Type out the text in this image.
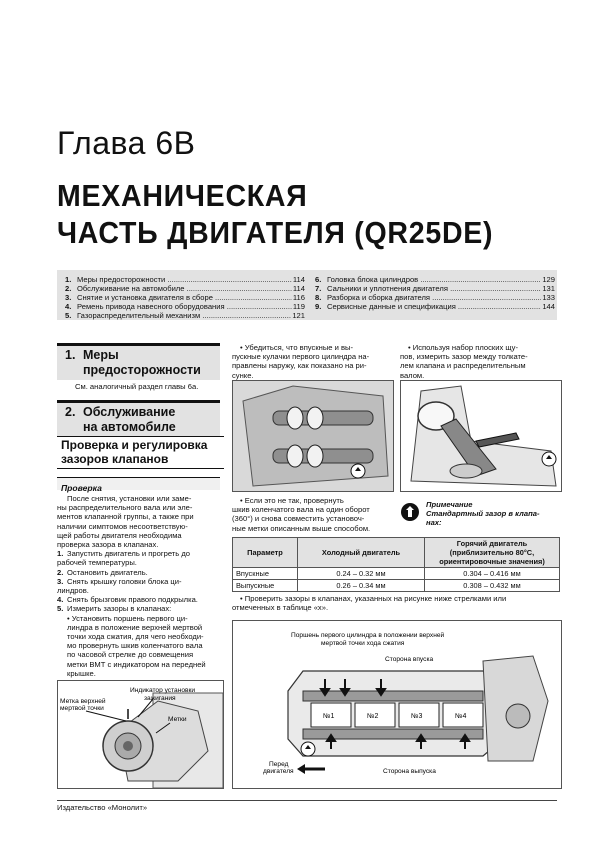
Глава 6В
МЕХАНИЧЕСКАЯ
ЧАСТЬ ДВИГАТЕЛЯ (QR25DE)
1. Меры предосторожности .....	114
2. Обслуживание на автомобиле .....	114
3. Снятие и установка двигателя в сборе .....	116
4. Ремень привода навесного оборудования .....	119
5. Газораспределительный механизм .....	121
6. Головка блока цилиндров .....	129
7. Сальники и уплотнения двигателя .....	131
8. Разборка и сборка двигателя .....	133
9. Сервисные данные и спецификация .....	144
1. Меры
предосторожности
См. аналогичный раздел главы 6а.
2. Обслуживание
на автомобиле
Проверка и регулировка
зазоров клапанов
Проверка
После снятия, установки или заме-
ны распределительного вала или эле-
ментов клапанной группы, а также при
наличии симптомов несоответствую-
щей работы двигателя необходима
проверка зазора в клапанах.
1. Запустить двигатель и прогреть до
рабочей температуры.
2. Остановить двигатель.
3. Снять крышку головки блока ци-
линдров.
4. Снять брызговик правого подкрылка.
5. Измерить зазоры в клапанах:
• Установить поршень первого ци-
линдра в положение верхней мертвой
точки хода сжатия, для чего необходи-
мо провернуть шкив коленчатого вала
по часовой стрелке до совмещения
метки ВМТ с индикатором на передней
крышке.
Индикатор установки
зажигания
Метка верхней
мертвой точки
Метки
• Убедиться, что впускные и вы-
пускные кулачки первого цилиндра на-
правлены наружу, как показано на ри-
сунке.
• Если это не так, провернуть
шкив коленчатого вала на один оборот
(360°) и снова совместить установоч-
ные метки описанным выше способом.
• Используя набор плоских щу-
пов, измерить зазор между толкате-
лем клапана и распределительным
валом.
Примечание
Стандартный зазор в клапа-
нах:
Параметр	Холодный двигатель	Горячий двигатель (приблизительно 80°C, ориентировочные значения)
Впускные	0.24 – 0.32 мм	0.304 – 0.416 мм
Выпускные	0.26 – 0.34 мм	0.308 – 0.432 мм
• Проверить зазоры в клапанах, указанных на рисунке ниже стрелками или
отмеченных в таблице «х».
Поршень первого цилиндра в положении верхней
мертвой точки хода сжатия
Сторона впуска
№1	№2	№3	№4
Перед
двигателя	Сторона выпуска
Издательство «Монолит»
